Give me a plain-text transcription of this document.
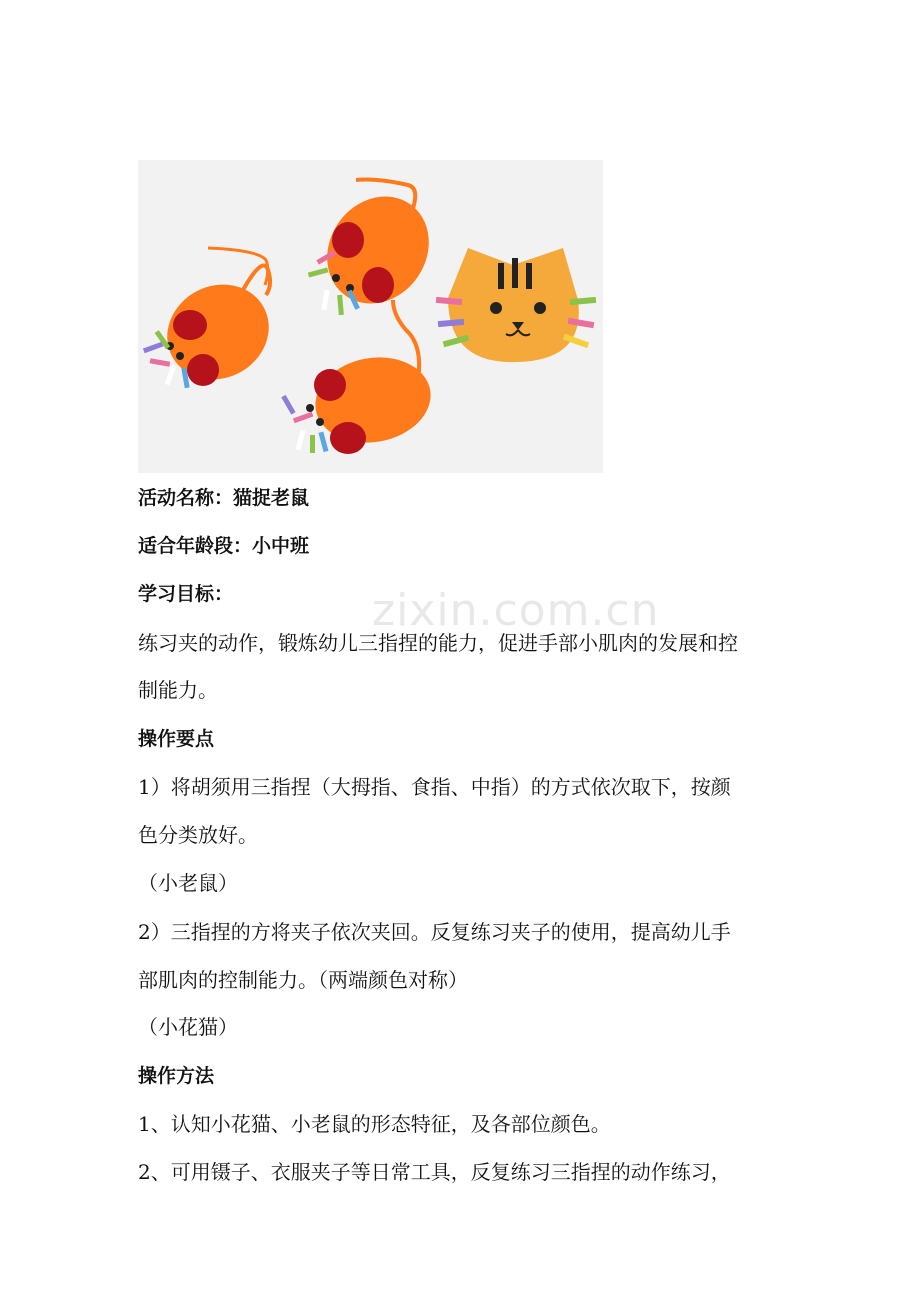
zixin.com.cn
活动名称：猫捉老鼠
适合年龄段：小中班
学习目标：
练习夹的动作，锻炼幼儿三指捏的能力，促进手部小肌肉的发展和控
制能力。
操作要点
1）将胡须用三指捏（大拇指、食指、中指）的方式依次取下，按颜
色分类放好。
（小老鼠）
2）三指捏的方将夹子依次夹回。反复练习夹子的使用，提高幼儿手
部肌肉的控制能力。（两端颜色对称）
（小花猫）
操作方法
1、认知小花猫、小老鼠的形态特征，及各部位颜色。
2、可用镊子、衣服夹子等日常工具，反复练习三指捏的动作练习，
